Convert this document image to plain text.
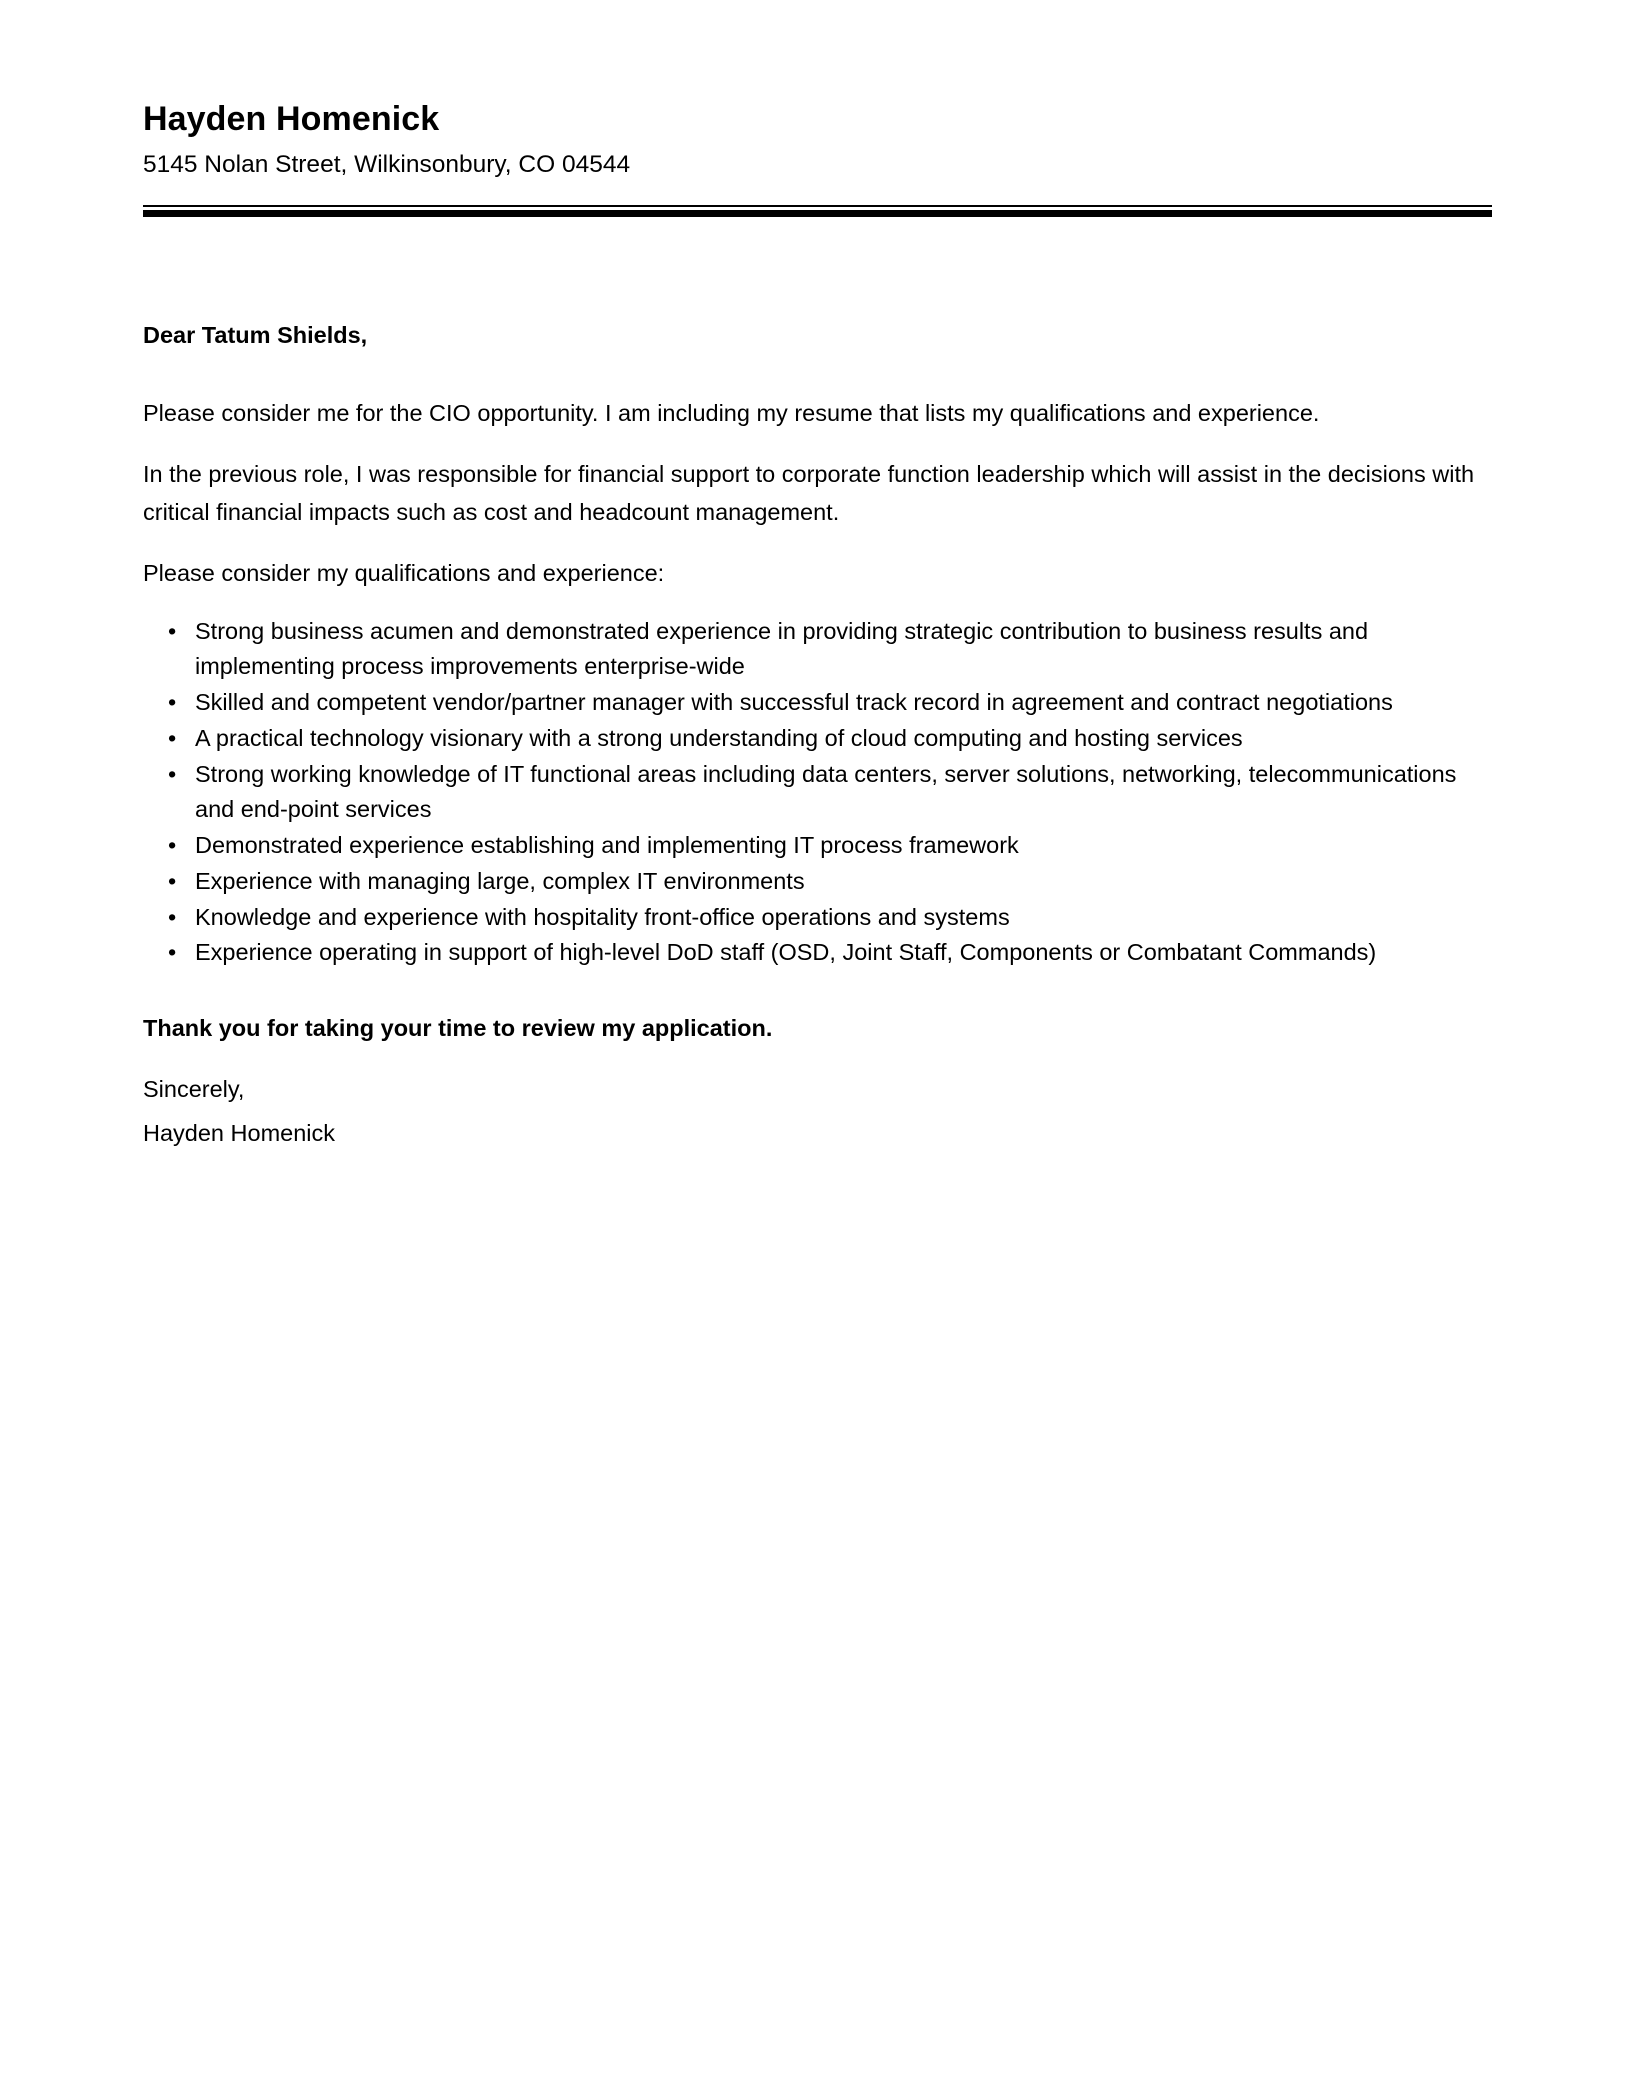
Hayden Homenick
5145 Nolan Street, Wilkinsonbury, CO 04544
Dear Tatum Shields,

Please consider me for the CIO opportunity. I am including my resume that lists my qualifications and experience.

In the previous role, I was responsible for financial support to corporate function leadership which will assist in the decisions with critical financial impacts such as cost and headcount management.

Please consider my qualifications and experience:

• Strong business acumen and demonstrated experience in providing strategic contribution to business results and implementing process improvements enterprise-wide
• Skilled and competent vendor/partner manager with successful track record in agreement and contract negotiations
• A practical technology visionary with a strong understanding of cloud computing and hosting services
• Strong working knowledge of IT functional areas including data centers, server solutions, networking, telecommunications and end-point services
• Demonstrated experience establishing and implementing IT process framework
• Experience with managing large, complex IT environments
• Knowledge and experience with hospitality front-office operations and systems
• Experience operating in support of high-level DoD staff (OSD, Joint Staff, Components or Combatant Commands)
Thank you for taking your time to review my application.
Sincerely,
Hayden Homenick
